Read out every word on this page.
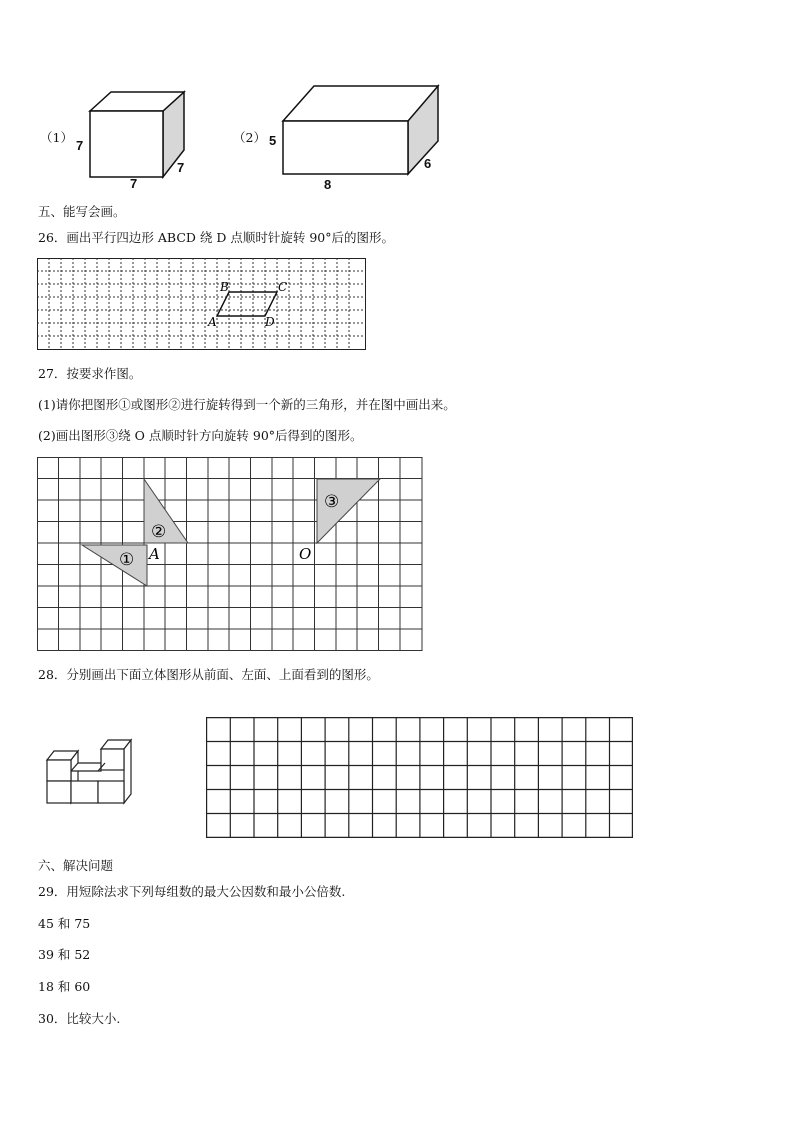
（1）
7
7
7
（2） 5
8
6
五、能写会画。
26．画出平行四边形 ABCD 绕 D 点顺时针旋转 90°后的图形。
B	C
A	D
27．按要求作图。
(1)请你把图形①或图形②进行旋转得到一个新的三角形，并在图中画出来。
(2)画出图形③绕 O 点顺时针方向旋转 90°后得到的图形。
①
②
③
A	O
28．分别画出下面立体图形从前面、左面、上面看到的图形。
六、解决问题
29．用短除法求下列每组数的最大公因数和最小公倍数.
45 和 75
39 和 52
18 和 60
30．比较大小.
